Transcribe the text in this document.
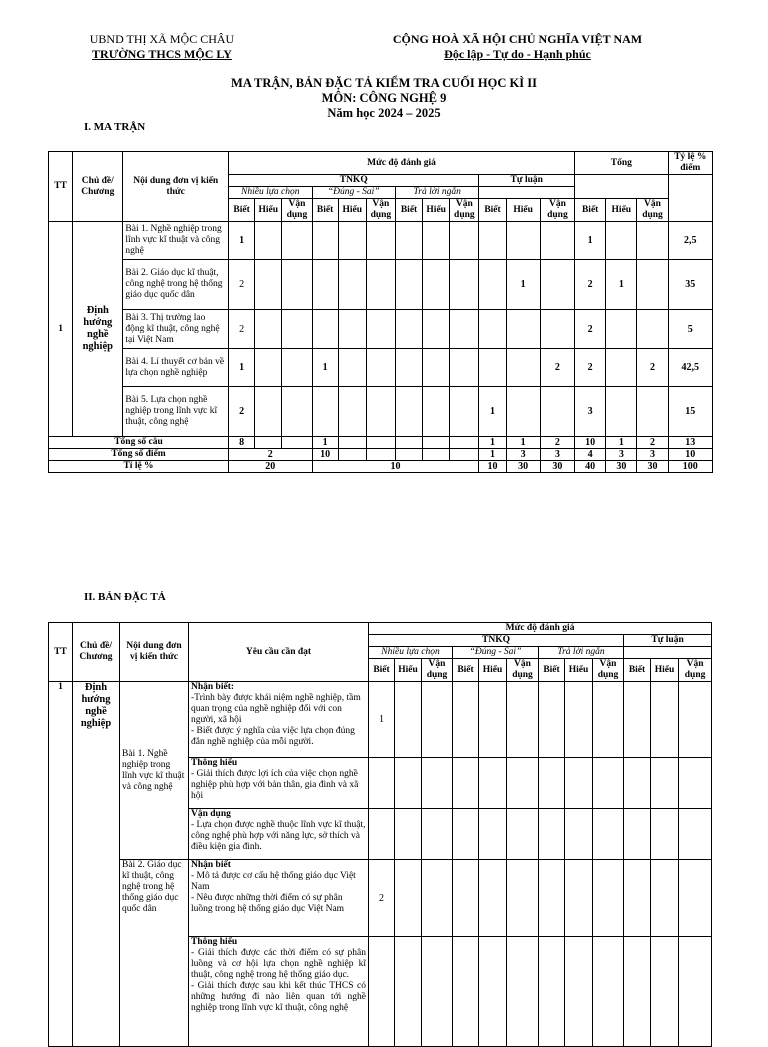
UBND THỊ XÃ MỘC CHÂU
TRƯỜNG THCS MỘC LY
CỘNG HOÀ XÃ HỘI CHỦ NGHĨA VIỆT NAM
Độc lập - Tự do - Hạnh phúc
MA TRẬN, BẢN ĐẶC TẢ KIỂM TRA CUỐI HỌC KÌ II
MÔN: CÔNG NGHỆ 9
Năm học 2024 – 2025
I. MA TRẬN
TT	Chủ đề/ Chương	Nội dung đơn vị kiến thức	Mức độ đánh giá												Tổng			Tỷ lệ % điểm
			TNKQ									Tự luận						
			Nhiều lựa chọn			“Đúng - Sai”			Trả lời ngắn									
			Biết	Hiểu	Vận dụng	Biết	Hiểu	Vận dụng	Biết	Hiểu	Vận dụng	Biết	Hiểu	Vận dụng	Biết	Hiểu	Vận dụng	
1	Định hướng nghề nghiệp	Bài 1. Nghề nghiệp trong lĩnh vực kĩ thuật và công nghệ	1												1			2,5
		Bài 2. Giáo dục kĩ thuật, công nghệ trong hệ thống giáo dục quốc dân	2										1		2	1		35
		Bài 3. Thị trường lao động kĩ thuật, công nghệ tại Việt Nam	2												2			5
		Bài 4. Lí thuyết cơ bản về lựa chọn nghề nghiệp	1			1								2	2		2	42,5
		Bài 5. Lựa chọn nghề nghiệp trong lĩnh vực kĩ thuật, công nghệ	2									1			3			15
Tổng số câu			8			1						1	1	2	10	1	2	13
Tổng số điểm			2			10						1	3	3	4	3	3	10
Tỉ lệ %			20			10						10	30	30	40	30	30	100
II. BẢN ĐẶC TẢ
TT	Chủ đề/ Chương	Nội dung đơn vị kiến thức	Yêu cầu cần đạt	Mức độ đánh giá											
				TNKQ									Tự luận		
				Nhiều lựa chọn			“Đúng - Sai”			Trả lời ngắn					
				Biết	Hiểu	Vận dụng	Biết	Hiểu	Vận dụng	Biết	Hiểu	Vận dụng	Biết	Hiểu	Vận dụng
1	Định hướng nghề nghiệp	Bài 1. Nghề nghiệp trong lĩnh vực kĩ thuật và công nghệ	Nhận biết:
-Trình bày được khái niệm nghề nghiệp, tầm quan trọng của nghề nghiệp đối với con người, xã hội
- Biết được ý nghĩa của việc lựa chọn đúng đắn nghề nghiệp của mỗi người.	1											

			Thông hiểu
- Giải thích được lợi ích của việc chọn nghề nghiệp phù hợp với bản thân, gia đình và xã hội												

			Vận dụng
- Lựa chọn được nghề thuộc lĩnh vực kĩ thuật, công nghệ phù hợp với năng lực, sở thích và điều kiện gia đình.												

		Bài 2. Giáo dục kĩ thuật, công nghệ trong hệ thống giáo dục quốc dân	Nhận biết
- Mô tả được cơ cấu hệ thống giáo dục Việt Nam
- Nêu được những thời điểm có sự phân luồng trong hệ thống giáo dục Việt Nam	2											

			Thông hiểu
- Giải thích được các thời điểm có sự phân luồng và cơ hội lựa chọn nghề nghiệp kĩ thuật, công nghệ trong hệ thống giáo dục.
- Giải thích được sau khi kết thúc THCS có những hướng đi nào liên quan tới nghề nghiệp trong lĩnh vực kĩ thuật, công nghệ												
